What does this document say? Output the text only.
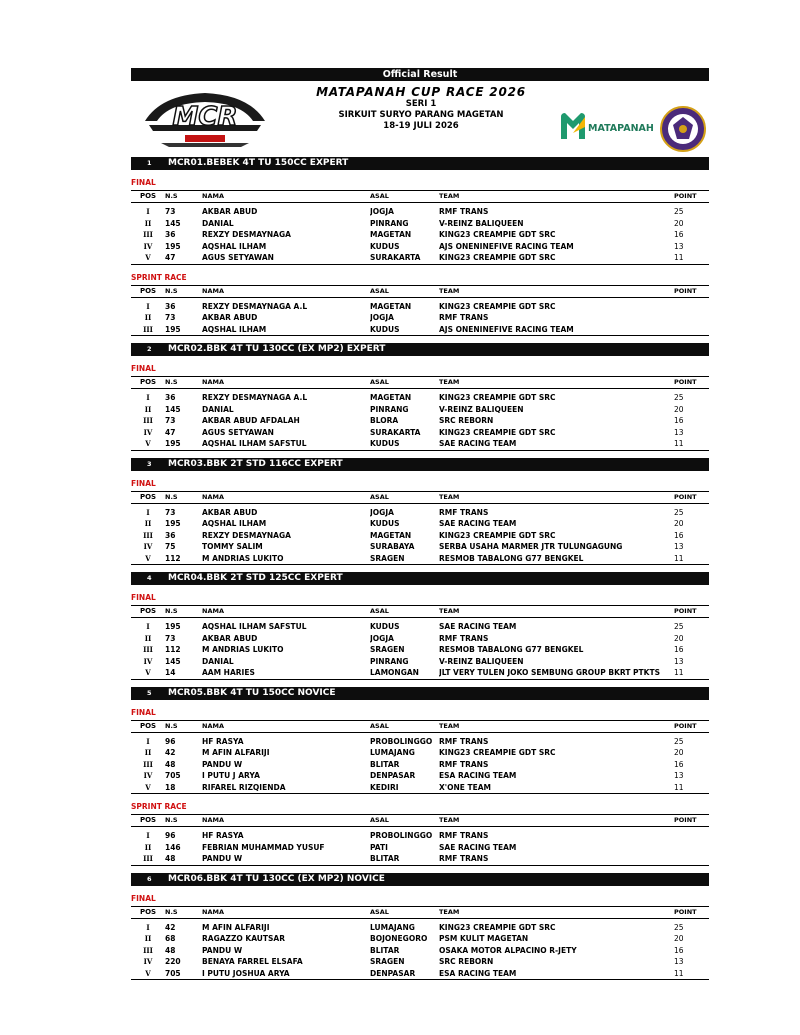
Official Result
MCR
MATAPANAH CUP RACE 2026
SERI 1
SIRKUIT SURYO PARANG MAGETAN
18-19 JULI 2026	MATAPANAH
1 MCR01.BEBEK 4T TU 150CC EXPERT
FINAL
POS	N.S	NAMA	ASAL	TEAM	POINT
I	73	AKBAR ABUD	JOGJA	RMF TRANS	25
II	145	DANIAL	PINRANG	V-REINZ BALIQUEEN	20
III	36	REXZY DESMAYNAGA	MAGETAN	KING23 CREAMPIE GDT SRC	16
IV	195	AQSHAL ILHAM	KUDUS	AJS ONENINEFIVE RACING TEAM	13
V	47	AGUS SETYAWAN	SURAKARTA	KING23 CREAMPIE GDT SRC	11
SPRINT RACE
POS	N.S	NAMA	ASAL	TEAM	POINT
I	36	REXZY DESMAYNAGA A.L	MAGETAN	KING23 CREAMPIE GDT SRC	
II	73	AKBAR ABUD	JOGJA	RMF TRANS	
III	195	AQSHAL ILHAM	KUDUS	AJS ONENINEFIVE RACING TEAM	
2 MCR02.BBK 4T TU 130CC (EX MP2) EXPERT
FINAL
POS	N.S	NAMA	ASAL	TEAM	POINT
I	36	REXZY DESMAYNAGA A.L	MAGETAN	KING23 CREAMPIE GDT SRC	25
II	145	DANIAL	PINRANG	V-REINZ BALIQUEEN	20
III	73	AKBAR ABUD AFDALAH	BLORA	SRC REBORN	16
IV	47	AGUS SETYAWAN	SURAKARTA	KING23 CREAMPIE GDT SRC	13
V	195	AQSHAL ILHAM SAFSTUL	KUDUS	SAE RACING TEAM	11
3 MCR03.BBK 2T STD 116CC EXPERT
FINAL
POS	N.S	NAMA	ASAL	TEAM	POINT
I	73	AKBAR ABUD	JOGJA	RMF TRANS	25
II	195	AQSHAL ILHAM	KUDUS	SAE RACING TEAM	20
III	36	REXZY DESMAYNAGA	MAGETAN	KING23 CREAMPIE GDT SRC	16
IV	75	TOMMY SALIM	SURABAYA	SERBA USAHA MARMER JTR TULUNGAGUNG	13
V	112	M ANDRIAS LUKITO	SRAGEN	RESMOB TABALONG G77 BENGKEL	11
4 MCR04.BBK 2T STD 125CC EXPERT
FINAL
POS	N.S	NAMA	ASAL	TEAM	POINT
I	195	AQSHAL ILHAM SAFSTUL	KUDUS	SAE RACING TEAM	25
II	73	AKBAR ABUD	JOGJA	RMF TRANS	20
III	112	M ANDRIAS LUKITO	SRAGEN	RESMOB TABALONG G77 BENGKEL	16
IV	145	DANIAL	PINRANG	V-REINZ BALIQUEEN	13
V	14	AAM HARIES	LAMONGAN	JLT VERY TULEN JOKO SEMBUNG GROUP BKRT PTKTS	11
5 MCR05.BBK 4T TU 150CC NOVICE
FINAL
POS	N.S	NAMA	ASAL	TEAM	POINT
I	96	HF RASYA	PROBOLINGGO	RMF TRANS	25
II	42	M AFIN ALFARIJI	LUMAJANG	KING23 CREAMPIE GDT SRC	20
III	48	PANDU W	BLITAR	RMF TRANS	16
IV	705	I PUTU J ARYA	DENPASAR	ESA RACING TEAM	13
V	18	RIFAREL RIZQIENDA	KEDIRI	X'ONE TEAM	11
SPRINT RACE
POS	N.S	NAMA	ASAL	TEAM	POINT
I	96	HF RASYA	PROBOLINGGO	RMF TRANS	
II	146	FEBRIAN MUHAMMAD YUSUF	PATI	SAE RACING TEAM	
III	48	PANDU W	BLITAR	RMF TRANS	
6 MCR06.BBK 4T TU 130CC (EX MP2) NOVICE
FINAL
POS	N.S	NAMA	ASAL	TEAM	POINT
I	42	M AFIN ALFARIJI	LUMAJANG	KING23 CREAMPIE GDT SRC	25
II	68	RAGAZZO KAUTSAR	BOJONEGORO	PSM KULIT MAGETAN	20
III	48	PANDU W	BLITAR	OSAKA MOTOR ALPACINO R-JETY	16
IV	220	BENAYA FARREL ELSAFA	SRAGEN	SRC REBORN	13
V	705	I PUTU JOSHUA ARYA	DENPASAR	ESA RACING TEAM	11
